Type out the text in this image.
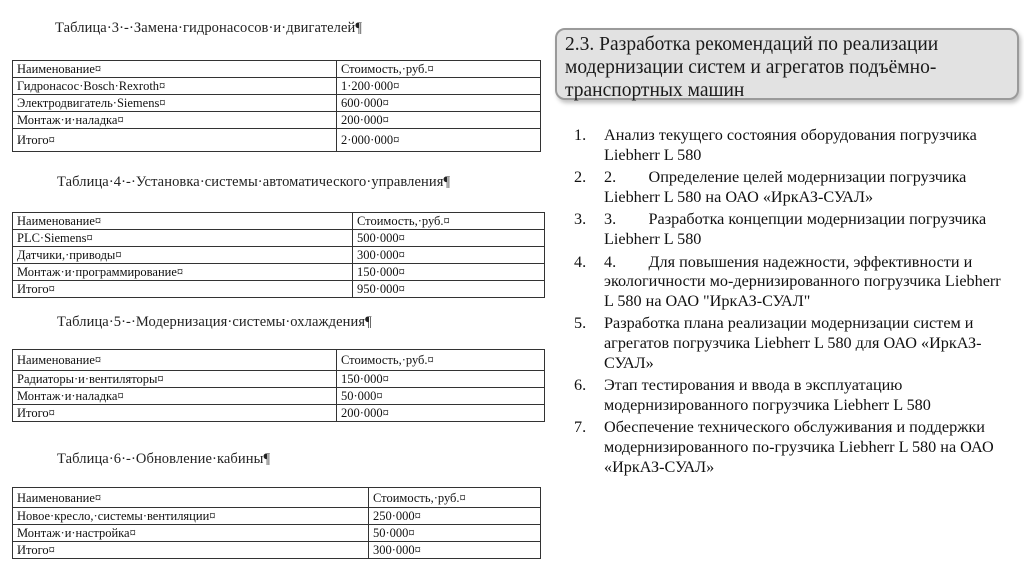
Таблица·3·-·Замена·гидронасосов·и·двигателей¶
Наименование¤	Стоимость,·руб.¤
Гидронасос·Bosch·Rexroth¤	1·200·000¤
Электродвигатель·Siemens¤	600·000¤
Монтаж·и·наладка¤	200·000¤
Итого¤	2·000·000¤
Таблица·4·-·Установка·системы·автоматического·управления¶
Наименование¤	Стоимость,·руб.¤
PLC·Siemens¤	500·000¤
Датчики,·приводы¤	300·000¤
Монтаж·и·программирование¤	150·000¤
Итого¤	950·000¤
Таблица·5·-·Модернизация·системы·охлаждения¶
Наименование¤	Стоимость,·руб.¤
Радиаторы·и·вентиляторы¤	150·000¤
Монтаж·и·наладка¤	50·000¤
Итого¤	200·000¤
Таблица·6·-·Обновление·кабины¶
Наименование¤	Стоимость,·руб.¤
Новое·кресло,·системы·вентиляции¤	250·000¤
Монтаж·и·настройка¤	50·000¤
Итого¤	300·000¤
2.3. Разработка рекомендаций по реализации модернизации систем и агрегатов подъёмно-транспортных машин
1. Анализ текущего состояния оборудования погрузчика Liebherr L 580
2. 2.        Определение целей модернизации погрузчика Liebherr L 580 на ОАО «ИркАЗ-СУАЛ»
3. 3.        Разработка концепции модернизации погрузчика Liebherr L 580
4. 4.        Для повышения надежности, эффективности и экологичности мо-дернизированного погрузчика Liebherr L 580 на ОАО "ИркАЗ-СУАЛ"
5. Разработка плана реализации модернизации систем и агрегатов погрузчика Liebherr L 580 для ОАО «ИркАЗ-СУАЛ»
6. Этап тестирования и ввода в эксплуатацию модернизированного погрузчика Liebherr L 580
7. Обеспечение технического обслуживания и поддержки модернизированного по-грузчика Liebherr L 580 на ОАО «ИркАЗ-СУАЛ»
